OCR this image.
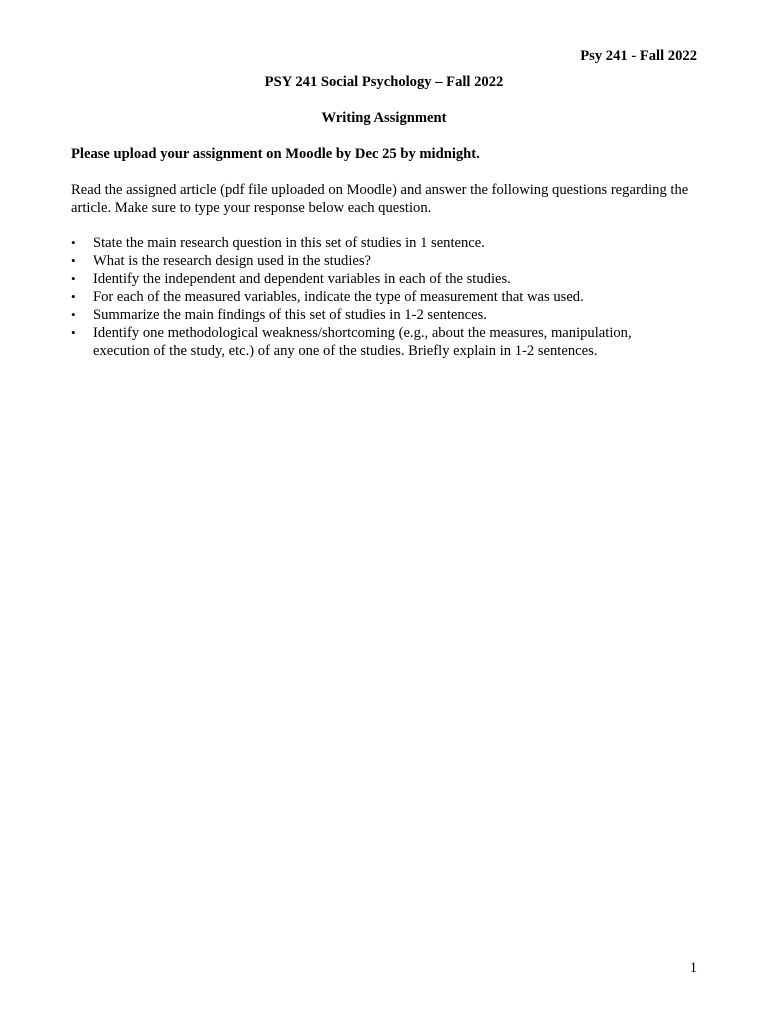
Psy 241 - Fall 2022

PSY 241 Social Psychology – Fall 2022

Writing Assignment

Please upload your assignment on Moodle by Dec 25 by midnight.

Read the assigned article (pdf file uploaded on Moodle) and answer the following questions regarding the article. Make sure to type your response below each question.

•	State the main research question in this set of studies in 1 sentence.
•	What is the research design used in the studies?
•	Identify the independent and dependent variables in each of the studies.
•	For each of the measured variables, indicate the type of measurement that was used.
•	Summarize the main findings of this set of studies in 1-2 sentences.
•	Identify one methodological weakness/shortcoming (e.g., about the measures, manipulation, execution of the study, etc.) of any one of the studies. Briefly explain in 1-2 sentences.

1
